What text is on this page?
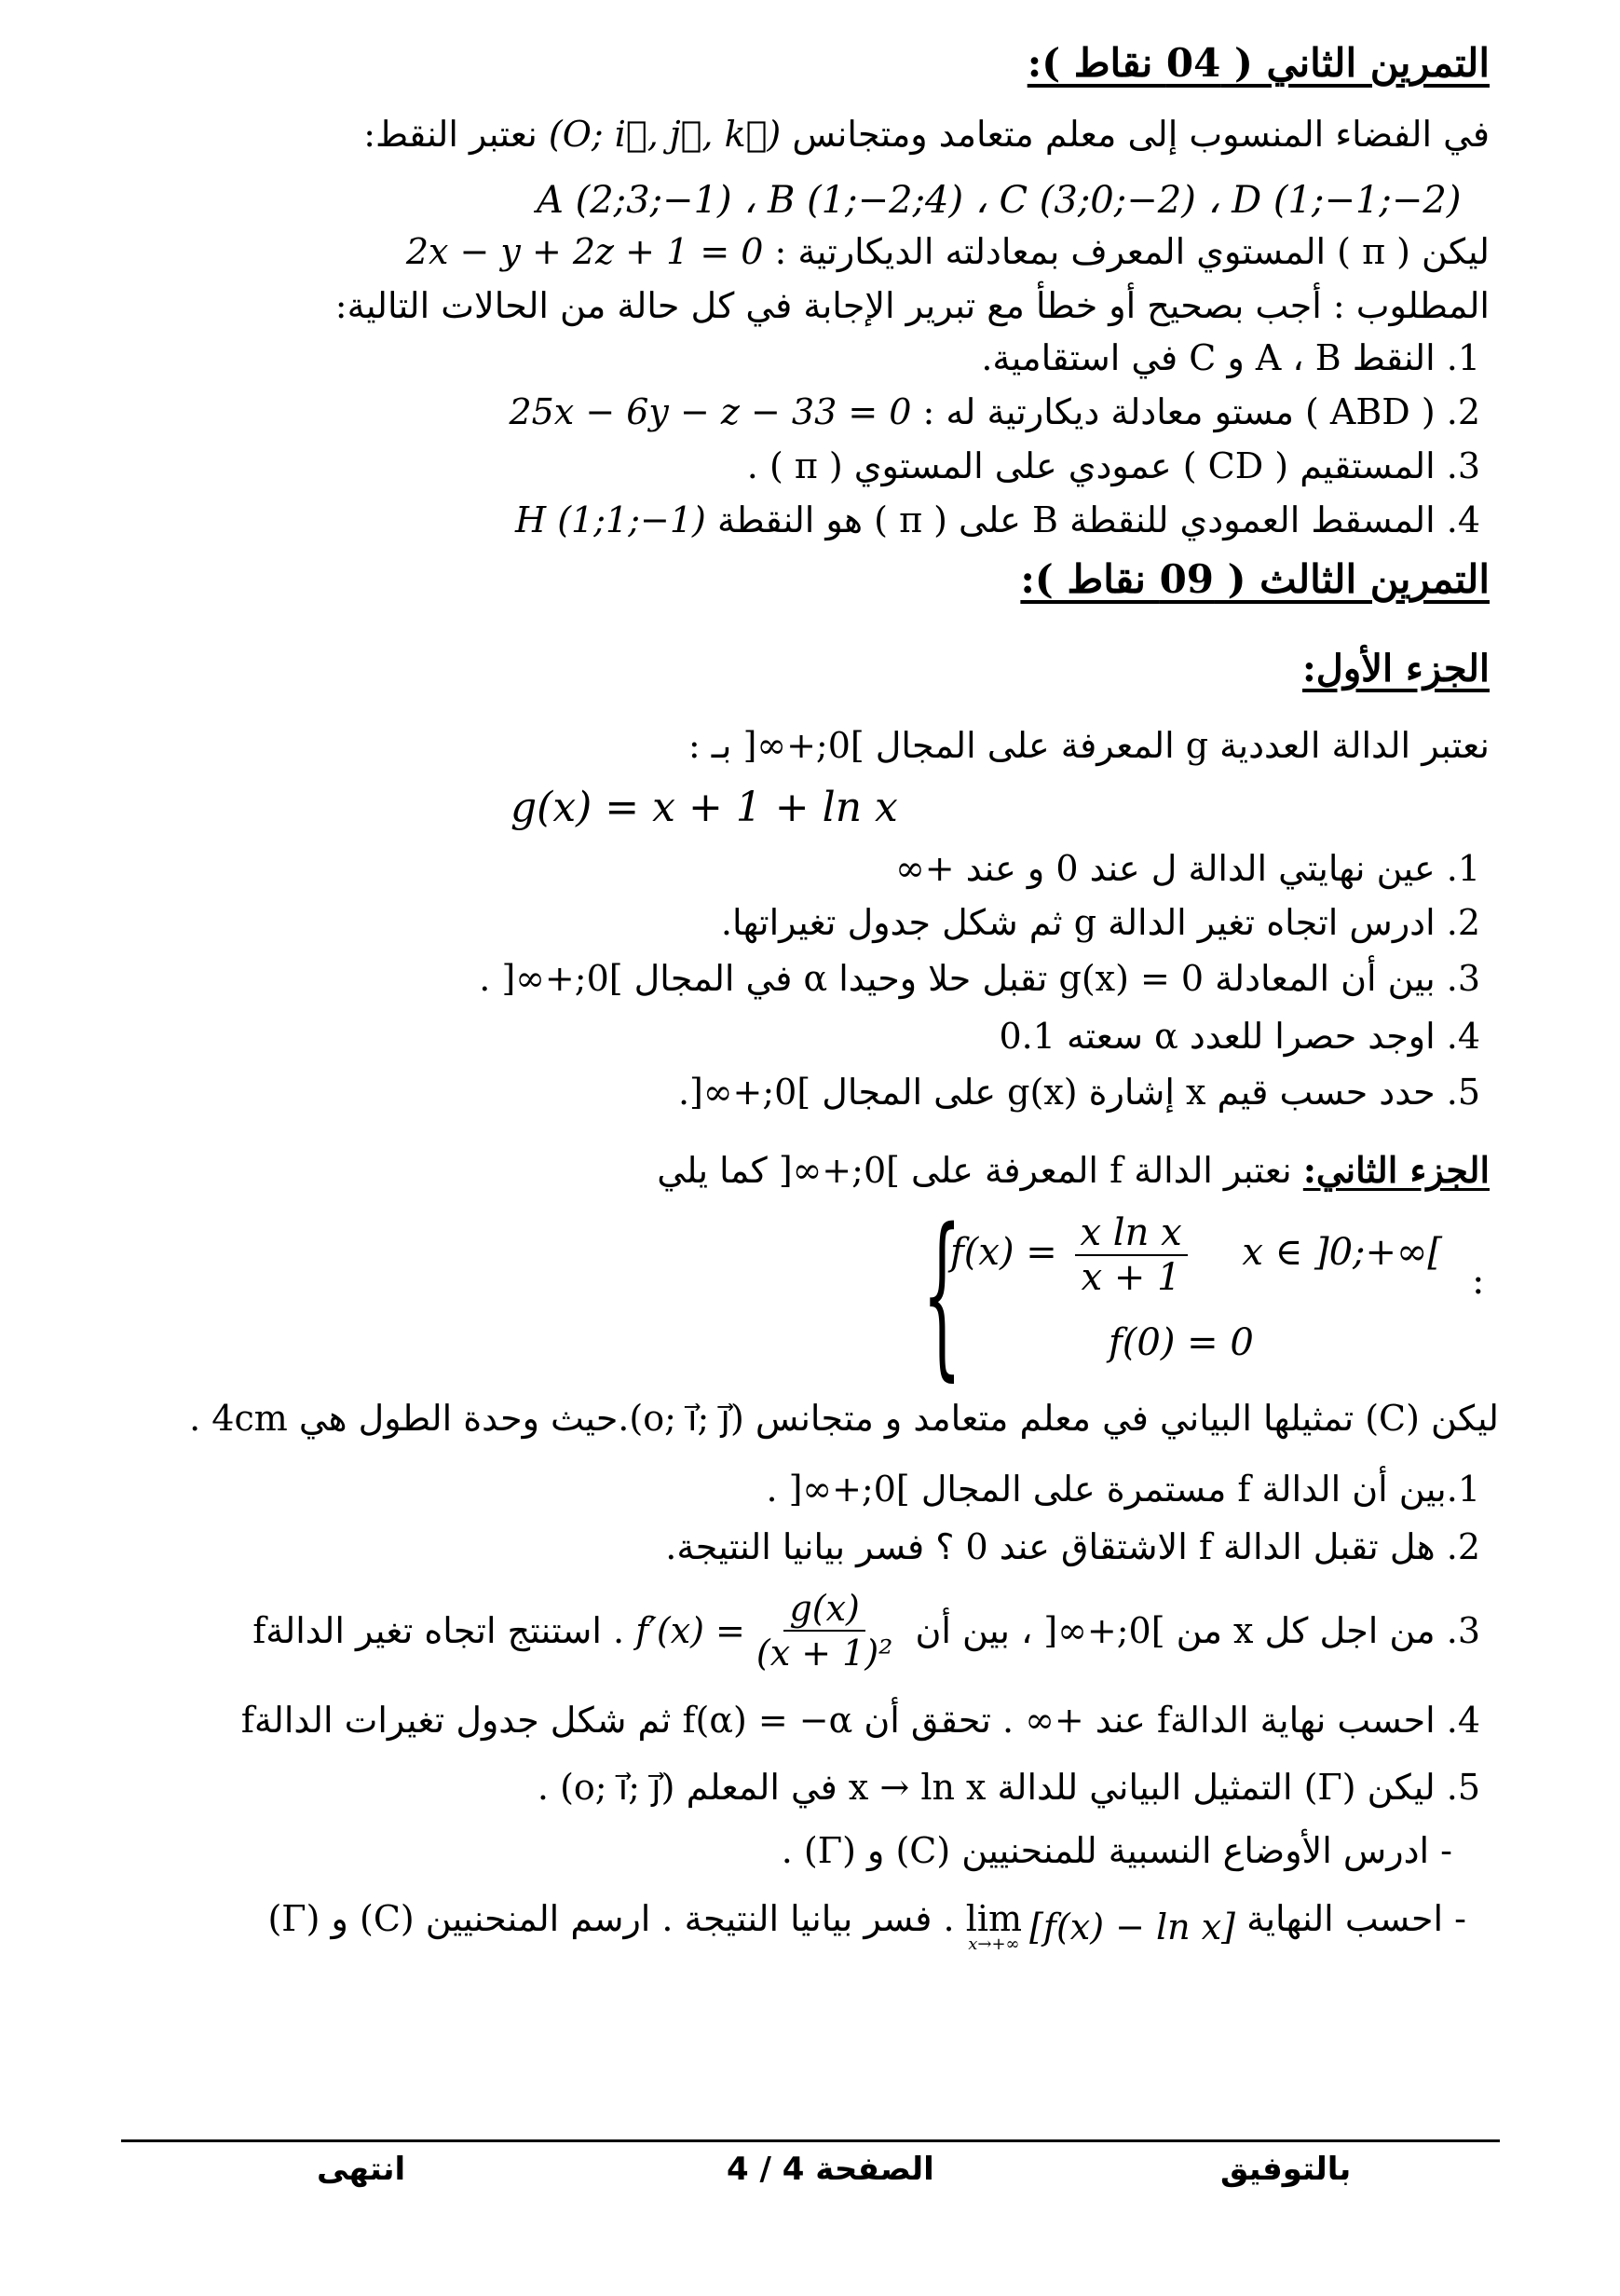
التمرين الثاني ( 04 نقاط ):
في الفضاء المنسوب إلى معلم متعامد ومتجانس (O; i⃗, j⃗, k⃗) نعتبر النقط:
A (2;3;−1) ، B (1;−2;4) ، C (3;0;−2) ، D (1;−1;−2)
ليكن ( π ) المستوي المعرف بمعادلته الديكارتية : 2x − y + 2z + 1 = 0
المطلوب : أجب بصحيح أو خطأ مع تبرير الإجابة في كل حالة من الحالات التالية:
1. النقط A ، B و C في استقامية.
2. ( ABD ) مستو معادلة ديكارتية له : 25x − 6y − z − 33 = 0
3. المستقيم ( CD ) عمودي على المستوي ( π ) .
4. المسقط العمودي للنقطة B على ( π ) هو النقطة H (1;1;−1)
التمرين الثالث ( 09 نقاط ):
الجزء الأول:
نعتبر الدالة العددية g المعرفة على المجال ]0;+∞[ بـ :
g(x) = x + 1 + ln x
1. عين نهايتي الدالة ل عند 0 و عند +∞
2. ادرس اتجاه تغير الدالة g ثم شكل جدول تغيراتها.
3. بين أن المعادلة g(x) = 0 تقبل حلا وحيدا α في المجال ]0;+∞[ .
4. اوجد حصرا للعدد α سعته 0.1
5. حدد حسب قيم x إشارة g(x) على المجال ]0;+∞[.
الجزء الثاني: نعتبر الدالة f المعرفة على ]0;+∞[ كما يلي
{
$f(x) = \frac{\text{x ln x}}{x + 1}$ x ∈ ]0;+∞[
f(0) = 0
:
ليكن (C) تمثيلها البياني في معلم متعامد و متجانس (o; i⃗; j⃗).حيث وحدة الطول هي 4cm .
1.بين أن الدالة f مستمرة على المجال ]0;+∞[ .
2. هل تقبل الدالة f الاشتقاق عند 0 ؟ فسر بيانيا النتيجة.
3. من اجل كل x من ]0;+∞[ ، بين أن
$f'(x) = \frac{g(x)}{\text{(x + 1)²}}$
. استنتج اتجاه تغير الدالةf
4. احسب نهاية الدالةf عند +∞ . تحقق أن f(α) = −α ثم شكل جدول تغيرات الدالةf
5. ليكن (Γ) التمثيل البياني للدالة x → ln x في المعلم (o; i⃗; j⃗) .
- ادرس الأوضاع النسبية للمنحنيين (C) و (Γ) .
- احسب النهاية
lim
x→+∞ [f(x) − ln x]
. فسر بيانيا النتيجة . ارسم المنحنيين (C) و (Γ)
بالتوفيق
الصفحة 4 / 4
انتهى
